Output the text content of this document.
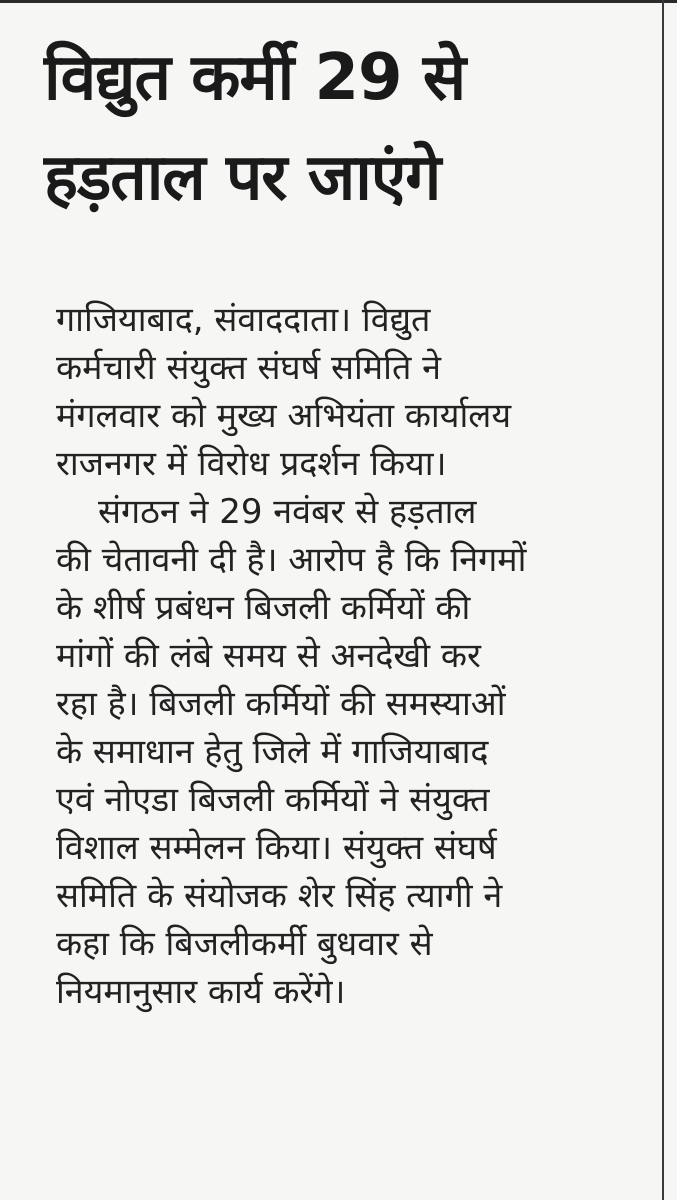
विद्युत कर्मी 29 से
हड़ताल पर जाएंगे
गाजियाबाद, संवाददाता। विद्युत
कर्मचारी संयुक्त संघर्ष समिति ने
मंगलवार को मुख्य अभियंता कार्यालय
राजनगर में विरोध प्रदर्शन किया।
संगठन ने 29 नवंबर से हड़ताल
की चेतावनी दी है। आरोप है कि निगमों
के शीर्ष प्रबंधन बिजली कर्मियों की
मांगों की लंबे समय से अनदेखी कर
रहा है। बिजली कर्मियों की समस्याओं
के समाधान हेतु जिले में गाजियाबाद
एवं नोएडा बिजली कर्मियों ने संयुक्त
विशाल सम्मेलन किया। संयुक्त संघर्ष
समिति के संयोजक शेर सिंह त्यागी ने
कहा कि बिजलीकर्मी बुधवार से
नियमानुसार कार्य करेंगे।
